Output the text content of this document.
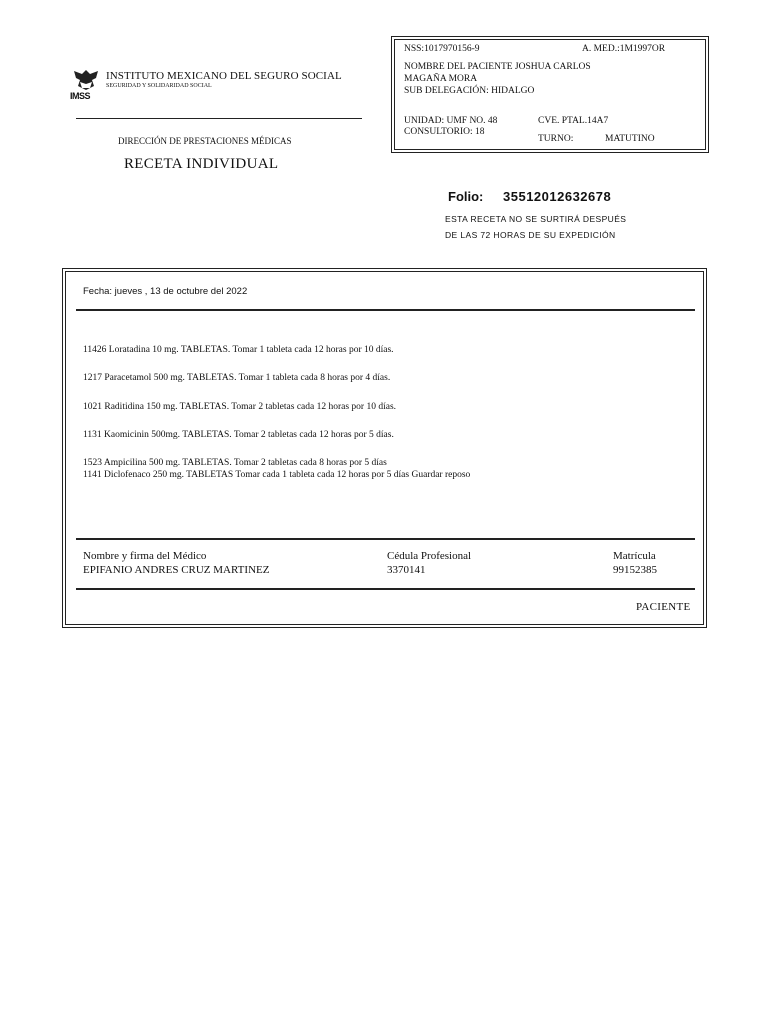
IMSS
INSTITUTO MEXICANO DEL SEGURO SOCIAL
SEGURIDAD Y SOLIDARIDAD SOCIAL
DIRECCIÓN DE PRESTACIONES MÉDICAS
RECETA INDIVIDUAL
NSS:1017970156-9	A. MED.:1M1997OR
NOMBRE DEL PACIENTE JOSHUA CARLOS
MAGAÑA MORA
SUB DELEGACIÓN: HIDALGO
UNIDAD: UMF NO. 48
CONSULTORIO: 18
CVE. PTAL.14A7
TURNO:	MATUTINO
Folio: 35512012632678
ESTA RECETA NO SE SURTIRÁ DESPUÉS
DE LAS 72 HORAS DE SU EXPEDICIÓN
Fecha: jueves , 13 de octubre del 2022
11426 Loratadina 10 mg. TABLETAS. Tomar 1 tableta cada 12 horas por 10 días.
1217 Paracetamol 500 mg. TABLETAS. Tomar 1 tableta cada 8 horas por 4 días.
1021 Raditidina 150 mg. TABLETAS. Tomar 2 tabletas cada 12 horas por 10 días.
1131 Kaomicinin 500mg. TABLETAS. Tomar 2 tabletas cada 12 horas por 5 días.
1523 Ampicilina 500 mg. TABLETAS. Tomar 2 tabletas cada 8 horas por 5 días
1141 Diclofenaco 250 mg. TABLETAS Tomar cada 1 tableta cada 12 horas por 5 días Guardar reposo
Nombre y firma del Médico
EPIFANIO ANDRES CRUZ MARTINEZ
Cédula Profesional
3370141
Matrícula
99152385
PACIENTE
